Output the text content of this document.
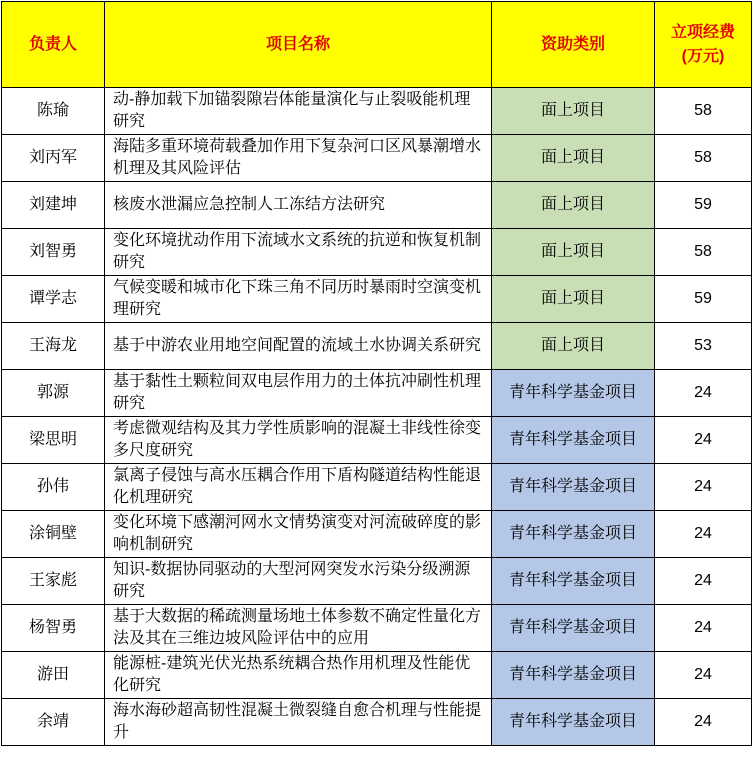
负责人	项目名称	资助类别	立项经费
(万元)
陈瑜	动-静加载下加锚裂隙岩体能量演化与止裂吸能机理研究	面上项目	58
刘丙军	海陆多重环境荷载叠加作用下复杂河口区风暴潮增水机理及其风险评估	面上项目	58
刘建坤	核废水泄漏应急控制人工冻结方法研究	面上项目	59
刘智勇	变化环境扰动作用下流域水文系统的抗逆和恢复机制研究	面上项目	58
谭学志	气候变暖和城市化下珠三角不同历时暴雨时空演变机理研究	面上项目	59
王海龙	基于中游农业用地空间配置的流域土水协调关系研究	面上项目	53
郭源	基于黏性土颗粒间双电层作用力的土体抗冲刷性机理研究	青年科学基金项目	24
梁思明	考虑微观结构及其力学性质影响的混凝土非线性徐变多尺度研究	青年科学基金项目	24
孙伟	氯离子侵蚀与高水压耦合作用下盾构隧道结构性能退化机理研究	青年科学基金项目	24
涂铜壁	变化环境下感潮河网水文情势演变对河流破碎度的影响机制研究	青年科学基金项目	24
王家彪	知识-数据协同驱动的大型河网突发水污染分级溯源研究	青年科学基金项目	24
杨智勇	基于大数据的稀疏测量场地土体参数不确定性量化方法及其在三维边坡风险评估中的应用	青年科学基金项目	24
游田	能源桩-建筑光伏光热系统耦合热作用机理及性能优化研究	青年科学基金项目	24
余靖	海水海砂超高韧性混凝土微裂缝自愈合机理与性能提升	青年科学基金项目	24
